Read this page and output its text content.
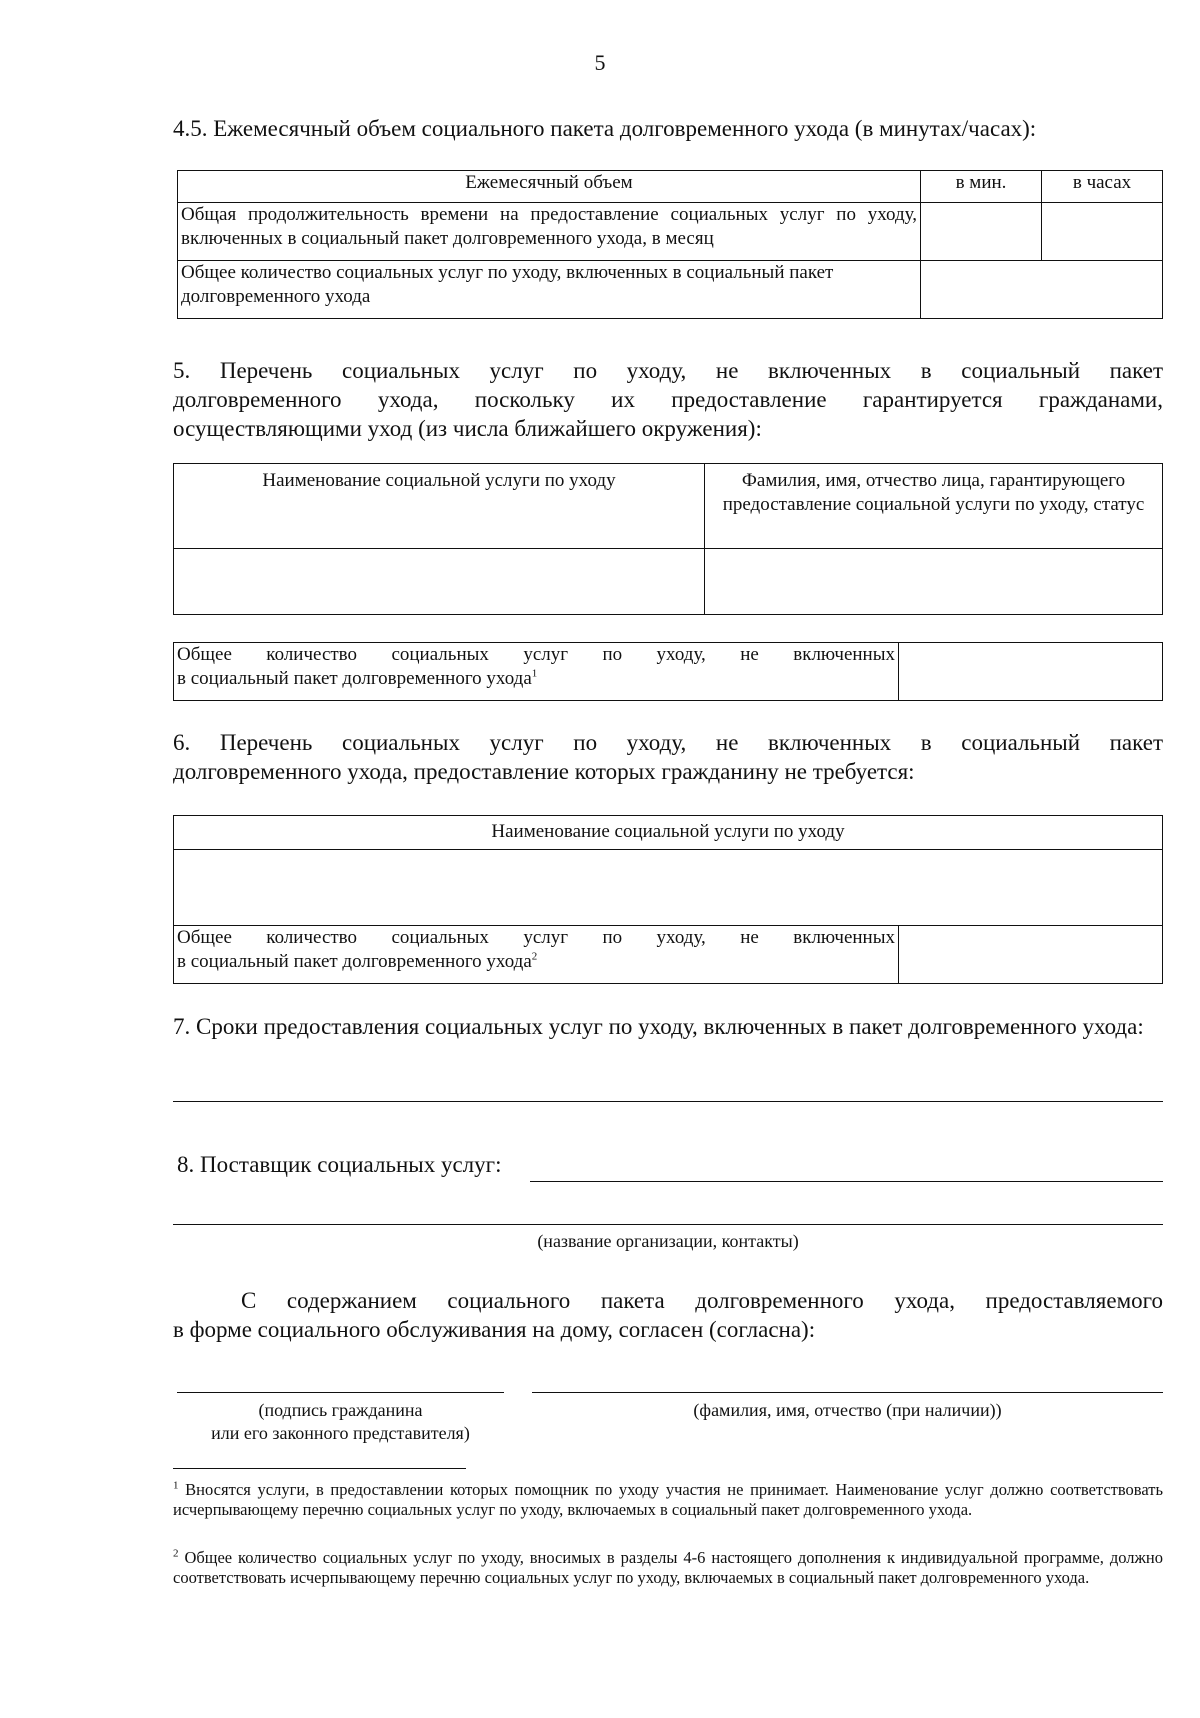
5
4.5. Ежемесячный объем социального пакета долговременного ухода (в минутах/часах):
Ежемесячный объем	в мин.	в часах
Общая продолжительность времени на предоставление социальных услуг по уходу, включенных в социальный пакет долговременного ухода, в месяц		
Общее количество социальных услуг по уходу, включенных в социальный пакет долговременного ухода		
5. Перечень социальных услуг по уходу, не включенных в социальный пакет
долговременного ухода, поскольку их предоставление гарантируется гражданами,
осуществляющими уход (из числа ближайшего окружения):
Наименование социальной услуги по уходу	Фамилия, имя, отчество лица, гарантирующего предоставление социальной услуги по уходу, статус

Общее количество социальных услуг по уходу, не включенных
в социальный пакет долговременного ухода$^1$

6. Перечень социальных услуг по уходу, не включенных в социальный пакет
долговременного ухода, предоставление которых гражданину не требуется:
Наименование социальной услуги по уходу

Общее количество социальных услуг по уходу, не включенных
в социальный пакет долговременного ухода$^2$

7. Сроки предоставления социальных услуг по уходу, включенных в пакет долговременного ухода:
8. Поставщик социальных услуг:
(название организации, контакты)
С содержанием социального пакета долговременного ухода, предоставляемого
в форме социального обслуживания на дому, согласен (согласна):
(подпись гражданина
или его законного представителя)
(фамилия, имя, отчество (при наличии))
$^1$ Вносятся услуги, в предоставлении которых помощник по уходу участия не принимает. Наименование услуг должно соответствовать исчерпывающему перечню социальных услуг по уходу, включаемых в социальный пакет долговременного ухода.
$^2$ Общее количество социальных услуг по уходу, вносимых в разделы 4-6 настоящего дополнения к индивидуальной программе, должно соответствовать исчерпывающему перечню социальных услуг по уходу, включаемых в социальный пакет долговременного ухода.
